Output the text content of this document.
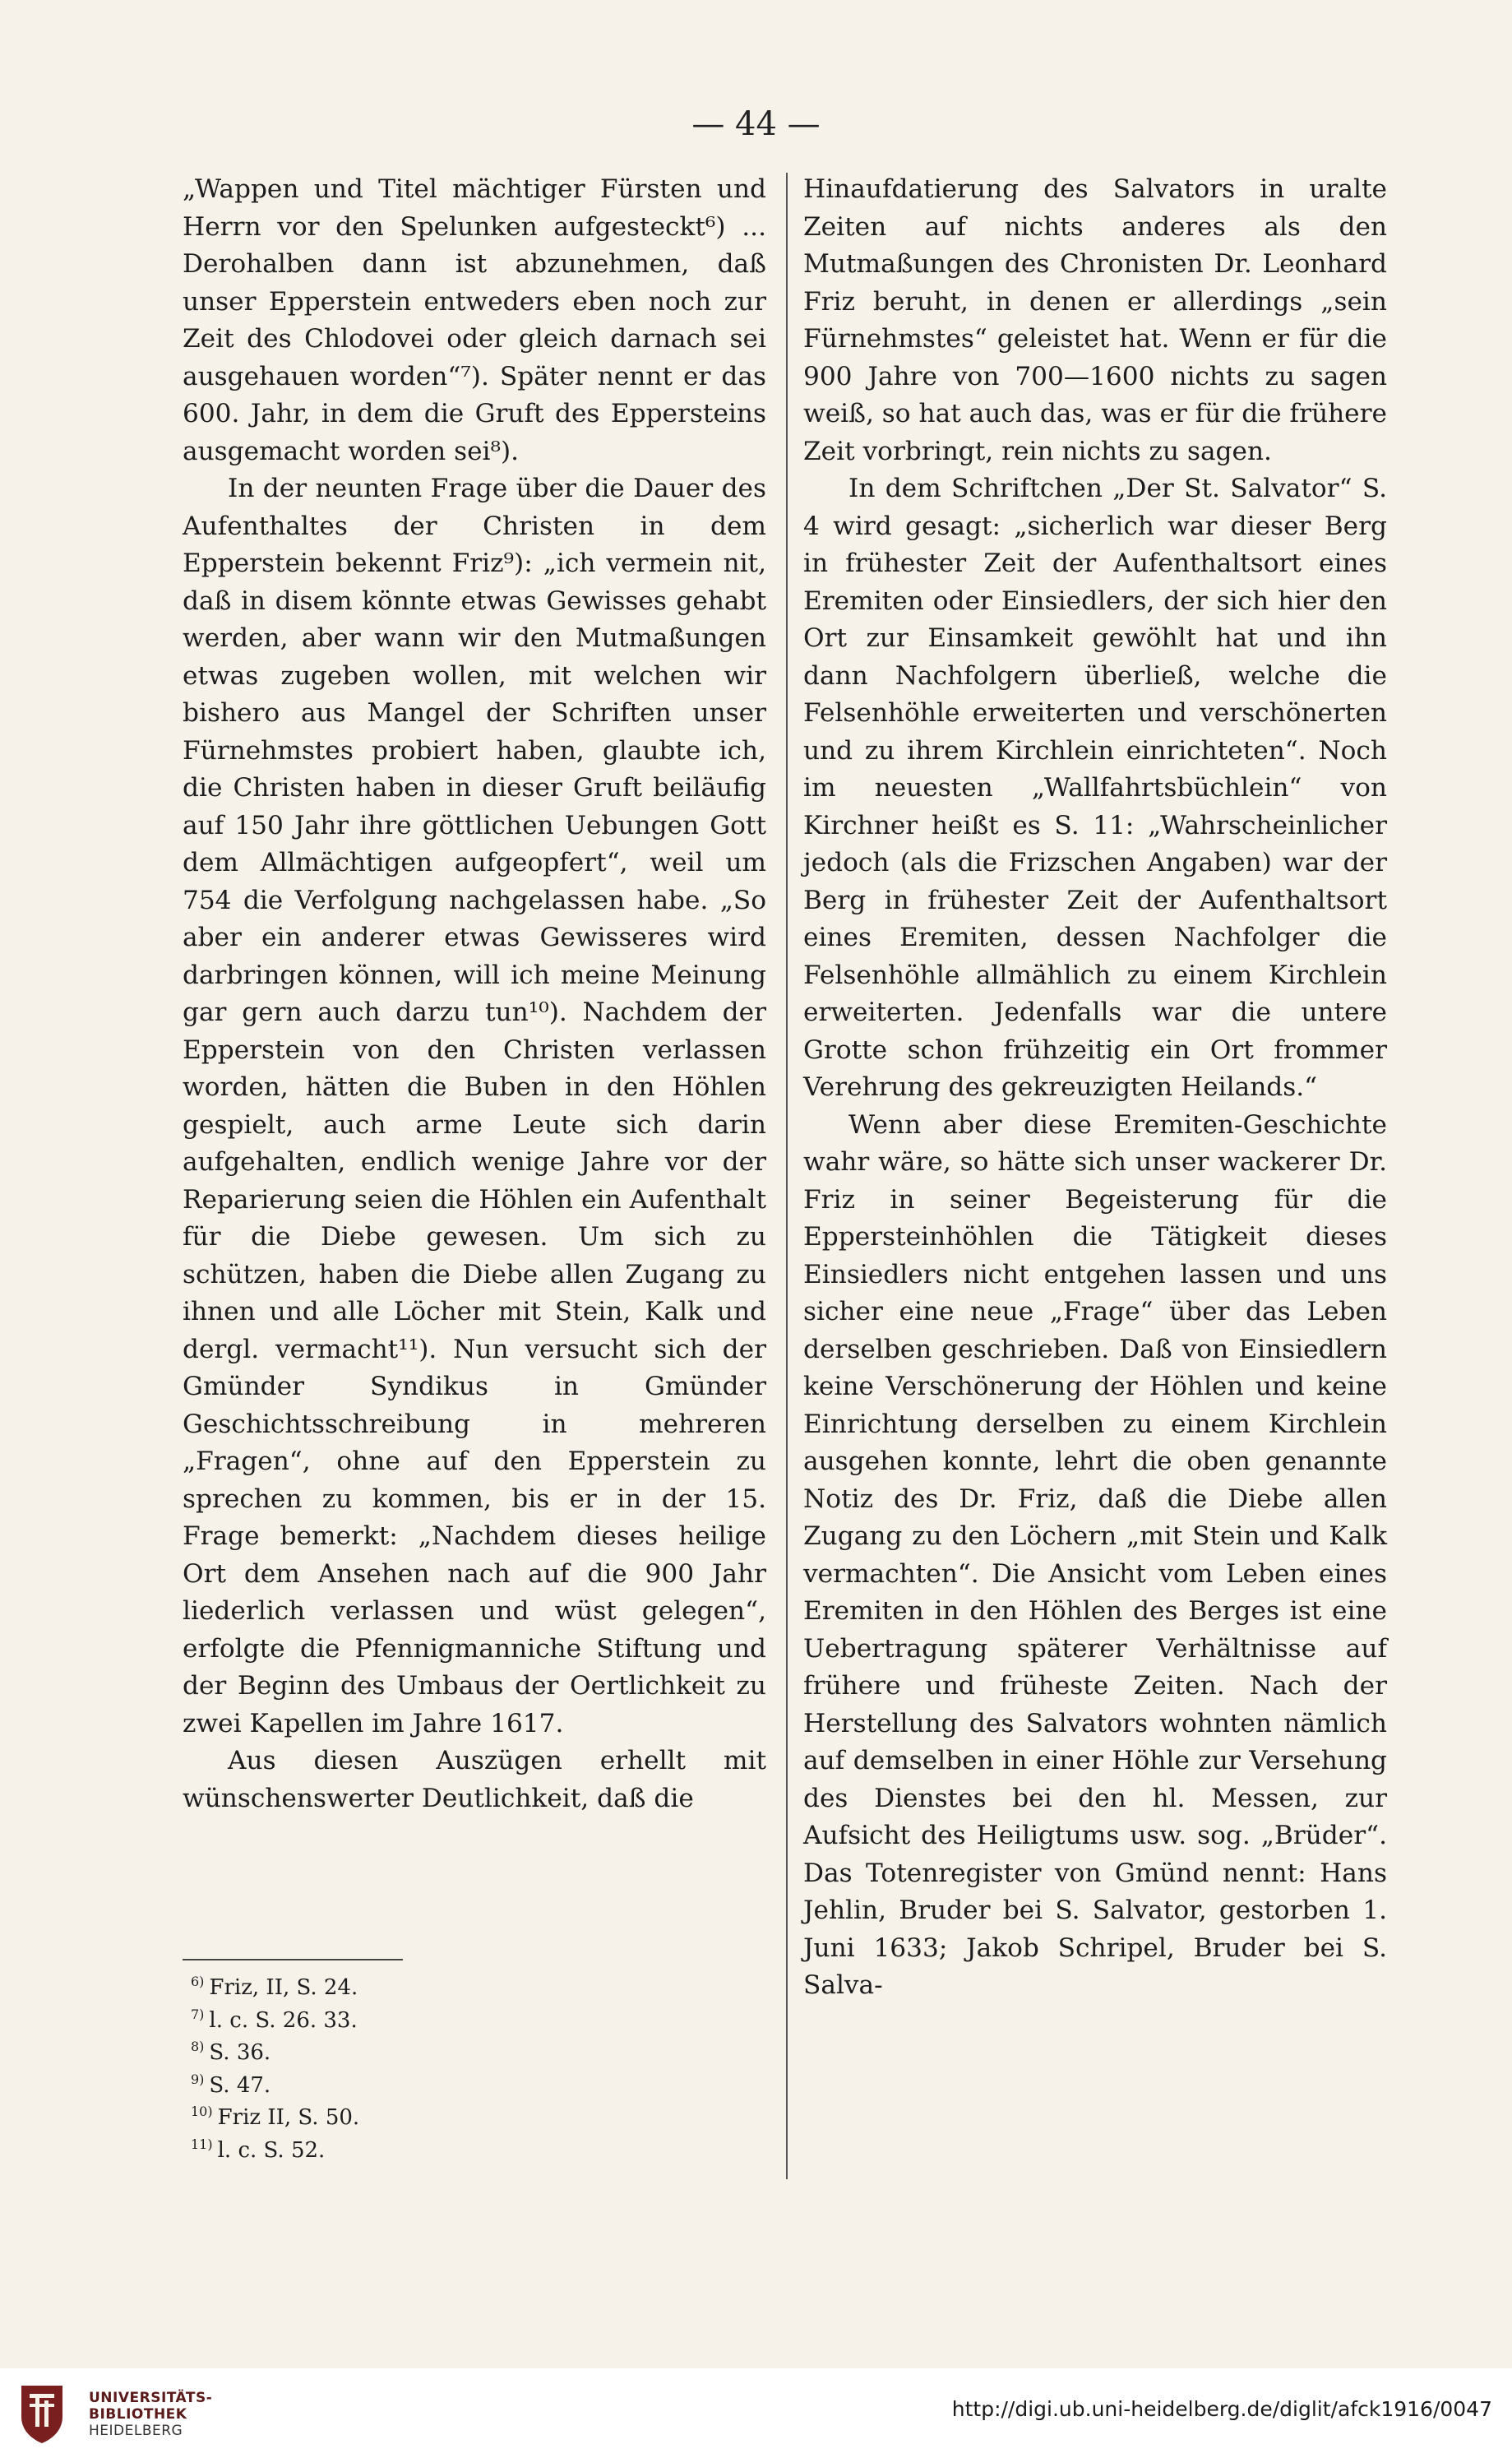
— 44 —

„Wappen und Titel mächtiger Fürsten und Herrn vor den Spelunken aufgesteckt⁶) ... Derohalben dann ist abzunehmen, daß unser Epperstein entweders eben noch zur Zeit des Chlodovei oder gleich darnach sei ausgehauen worden“⁷). Später nennt er das 600. Jahr, in dem die Gruft des Eppersteins ausgemacht worden sei⁸).

In der neunten Frage über die Dauer des Aufenthaltes der Christen in dem Epperstein bekennt Friz⁹): „ich vermein nit, daß in disem könnte etwas Gewisses gehabt werden, aber wann wir den Mutmaßungen etwas zugeben wollen, mit welchen wir bishero aus Mangel der Schriften unser Fürnehmstes probiert haben, glaubte ich, die Christen haben in dieser Gruft beiläufig auf 150 Jahr ihre göttlichen Uebungen Gott dem Allmächtigen aufgeopfert“, weil um 754 die Verfolgung nachgelassen habe. „So aber ein anderer etwas Gewisseres wird darbringen können, will ich meine Meinung gar gern auch darzu tun¹⁰). Nachdem der Epperstein von den Christen verlassen worden, hätten die Buben in den Höhlen gespielt, auch arme Leute sich darin aufgehalten, endlich wenige Jahre vor der Reparierung seien die Höhlen ein Aufenthalt für die Diebe gewesen. Um sich zu schützen, haben die Diebe allen Zugang zu ihnen und alle Löcher mit Stein, Kalk und dergl. vermacht¹¹). Nun versucht sich der Gmünder Syndikus in Gmünder Geschichtsschreibung in mehreren „Fragen“, ohne auf den Epperstein zu sprechen zu kommen, bis er in der 15. Frage bemerkt: „Nachdem dieses heilige Ort dem Ansehen nach auf die 900 Jahr liederlich verlassen und wüst gelegen“, erfolgte die Pfennigmanniche Stiftung und der Beginn des Umbaus der Oertlichkeit zu zwei Kapellen im Jahre 1617.

Aus diesen Auszügen erhellt mit wünschenswerter Deutlichkeit, daß die

Hinaufdatierung des Salvators in uralte Zeiten auf nichts anderes als den Mutmaßungen des Chronisten Dr. Leonhard Friz beruht, in denen er allerdings „sein Fürnehmstes“ geleistet hat. Wenn er für die 900 Jahre von 700—1600 nichts zu sagen weiß, so hat auch das, was er für die frühere Zeit vorbringt, rein nichts zu sagen.

In dem Schriftchen „Der St. Salvator“ S. 4 wird gesagt: „sicherlich war dieser Berg in frühester Zeit der Aufenthaltsort eines Eremiten oder Einsiedlers, der sich hier den Ort zur Einsamkeit gewöhlt hat und ihn dann Nachfolgern überließ, welche die Felsenhöhle erweiterten und verschönerten und zu ihrem Kirchlein einrichteten“. Noch im neuesten „Wallfahrtsbüchlein“ von Kirchner heißt es S. 11: „Wahrscheinlicher jedoch (als die Frizschen Angaben) war der Berg in frühester Zeit der Aufenthaltsort eines Eremiten, dessen Nachfolger die Felsenhöhle allmählich zu einem Kirchlein erweiterten. Jedenfalls war die untere Grotte schon frühzeitig ein Ort frommer Verehrung des gekreuzigten Heilands.“

Wenn aber diese Eremiten-Geschichte wahr wäre, so hätte sich unser wackerer Dr. Friz in seiner Begeisterung für die Eppersteinhöhlen die Tätigkeit dieses Einsiedlers nicht entgehen lassen und uns sicher eine neue „Frage“ über das Leben derselben geschrieben. Daß von Einsiedlern keine Verschönerung der Höhlen und keine Einrichtung derselben zu einem Kirchlein ausgehen konnte, lehrt die oben genannte Notiz des Dr. Friz, daß die Diebe allen Zugang zu den Löchern „mit Stein und Kalk vermachten“. Die Ansicht vom Leben eines Eremiten in den Höhlen des Berges ist eine Uebertragung späterer Verhältnisse auf frühere und früheste Zeiten. Nach der Herstellung des Salvators wohnten nämlich auf demselben in einer Höhle zur Versehung des Dienstes bei den hl. Messen, zur Aufsicht des Heiligtums usw. sog. „Brüder“. Das Totenregister von Gmünd nennt: Hans Jehlin, Bruder bei S. Salvator, gestorben 1. Juni 1633; Jakob Schripel, Bruder bei S. Salva-

$^{6)}$ Friz, II, S. 24.

$^{7)}$ l. c. S. 26. 33.

$^{8)}$ S. 36.

$^{9)}$ S. 47.

$^{10)}$ Friz II, S. 50.

$^{11)}$ l. c. S. 52.

UNIVERSITÄTS-
BIBLIOTHEK
HEIDELBERG
http://digi.ub.uni-heidelberg.de/diglit/afck1916/0047
